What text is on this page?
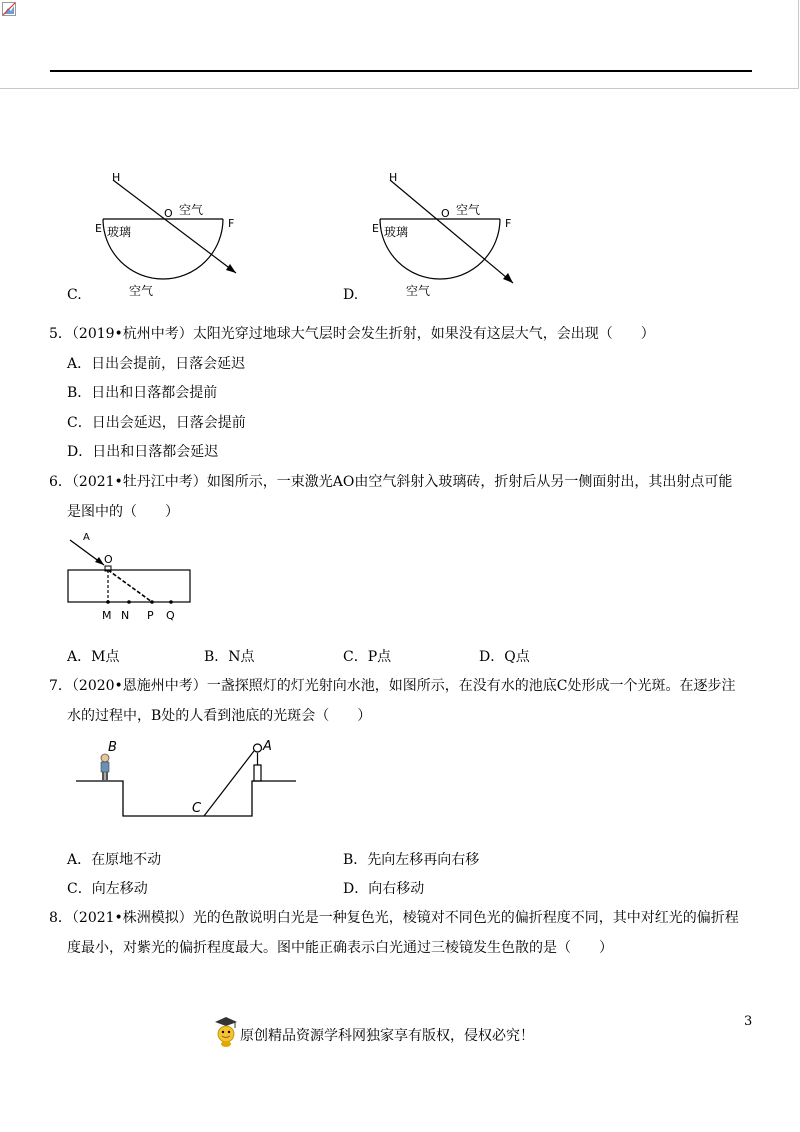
H
O 空气
E	F
玻璃
空气
C.
H
O 空气
E	F
玻璃
空气
D.
5．（2019•杭州中考）太阳光穿过地球大气层时会发生折射，如果没有这层大气，会出现（　　）
A．日出会提前，日落会延迟
B．日出和日落都会提前
C．日出会延迟，日落会提前
D．日出和日落都会延迟
6．（2021•牡丹江中考）如图所示，一束激光AO由空气斜射入玻璃砖，折射后从另一侧面射出，其出射点可能
是图中的（　　）
A
O
M N P Q
A．M点	B．N点	C．P点	D．Q点
7．（2020•恩施州中考）一盏探照灯的灯光射向水池，如图所示，在没有水的池底C处形成一个光斑。在逐步注
水的过程中，B处的人看到池底的光斑会（　　）
B	A
C
A．在原地不动	B．先向左移再向右移
C．向左移动	D．向右移动
8．（2021•株洲模拟）光的色散说明白光是一种复色光，棱镜对不同色光的偏折程度不同，其中对红光的偏折程
度最小，对紫光的偏折程度最大。图中能正确表示白光通过三棱镜发生色散的是（　　）
原创精品资源学科网独家享有版权，侵权必究！
3
